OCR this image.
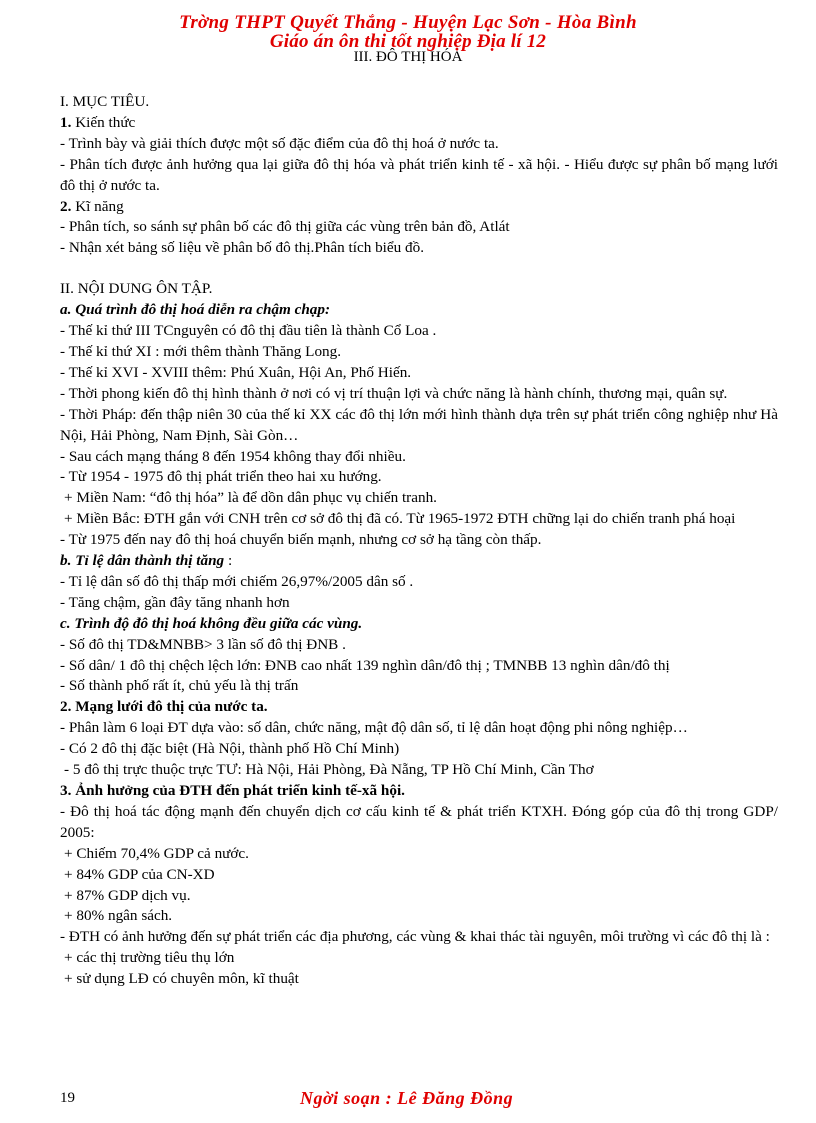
Trờng THPT Quyết Thắng - Huyện Lạc Sơn - Hòa Bình
Giáo án ôn thi tốt nghiệp Địa lí 12
III. ĐÔ THỊ HÓA

I. MỤC TIÊU.

1. Kiến thức

- Trình bày và giải thích được một số đặc điểm của đô thị hoá ở nước ta.

- Phân tích được ảnh hưởng qua lại giữa đô thị hóa và phát triển kinh tế - xã hội. - Hiểu được sự phân bố mạng lưới đô thị ở nước ta.

2. Kĩ năng

- Phân tích, so sánh sự phân bố các đô thị giữa các vùng trên bản đồ, Atlát

- Nhận xét bảng số liệu về phân bố đô thị.Phân tích biểu đồ.

II. NỘI DUNG ÔN TẬP.

a. Quá trình đô thị hoá diễn ra chậm chạp:

- Thế kỉ thứ III TCnguyên có đô thị đầu tiên là thành Cổ Loa .

- Thế kỉ thứ XI : mới thêm thành Thăng Long.

- Thế kỉ XVI - XVIII thêm: Phú Xuân, Hội An, Phố Hiến.

- Thời phong kiến đô thị hình thành ở nơi có vị trí thuận lợi và chức năng là hành chính, thương mại, quân sự.

- Thời Pháp: đến thập niên 30 của thế kỉ XX các đô thị lớn mới hình thành dựa trên sự phát triển công nghiệp như Hà Nội, Hải Phòng, Nam Định, Sài Gòn…

- Sau cách mạng tháng 8 đến 1954 không thay đổi nhiều.

- Từ 1954 - 1975 đô thị phát triển theo hai xu hướng.

+ Miền Nam: “đô thị hóa” là để dồn dân phục vụ chiến tranh.

+ Miền Bắc: ĐTH gắn với CNH trên cơ sở đô thị đã có. Từ 1965-1972 ĐTH chững lại do chiến tranh phá hoại

- Từ 1975 đến nay đô thị hoá chuyển biến mạnh, nhưng cơ sở hạ tầng còn thấp.

b. Tỉ lệ dân thành thị tăng :

- Tỉ lệ dân số đô thị thấp mới chiếm 26,97%/2005 dân số .

- Tăng chậm, gần đây tăng nhanh hơn

c. Trình độ đô thị hoá không đều giữa các vùng.

- Số đô thị TD&MNBB> 3 lần số đô thị ĐNB .

- Số dân/ 1 đô thị chệch lệch lớn: ĐNB cao nhất 139 nghìn dân/đô thị ; TMNBB 13 nghìn dân/đô thị

- Số thành phố rất ít, chủ yếu là thị trấn

2. Mạng lưới đô thị của nước ta.

- Phân làm 6 loại ĐT dựa vào: số dân, chức năng, mật độ dân số, tỉ lệ dân hoạt động phi nông nghiệp…

- Có 2 đô thị đặc biệt (Hà Nội, thành phố Hồ Chí Minh)

- 5 đô thị trực thuộc trực TƯ: Hà Nội, Hải Phòng, Đà Nẵng, TP Hồ Chí Minh, Cần Thơ

3. Ảnh hưởng của ĐTH đến phát triển kinh tế-xã hội.

- Đô thị hoá tác động mạnh đến chuyển dịch cơ cấu kinh tế & phát triển KTXH. Đóng góp của đô thị trong GDP/ 2005:

+ Chiếm 70,4% GDP cả nước.

+ 84% GDP của CN-XD

+ 87% GDP dịch vụ.

+ 80% ngân sách.

- ĐTH có ảnh hưởng đến sự phát triển các địa phương, các vùng & khai thác tài nguyên, môi trường vì các đô thị là :

+ các thị trường tiêu thụ lớn

+ sử dụng LĐ có chuyên môn, kĩ thuật

19	Ngời soạn : Lê Đăng Đồng
